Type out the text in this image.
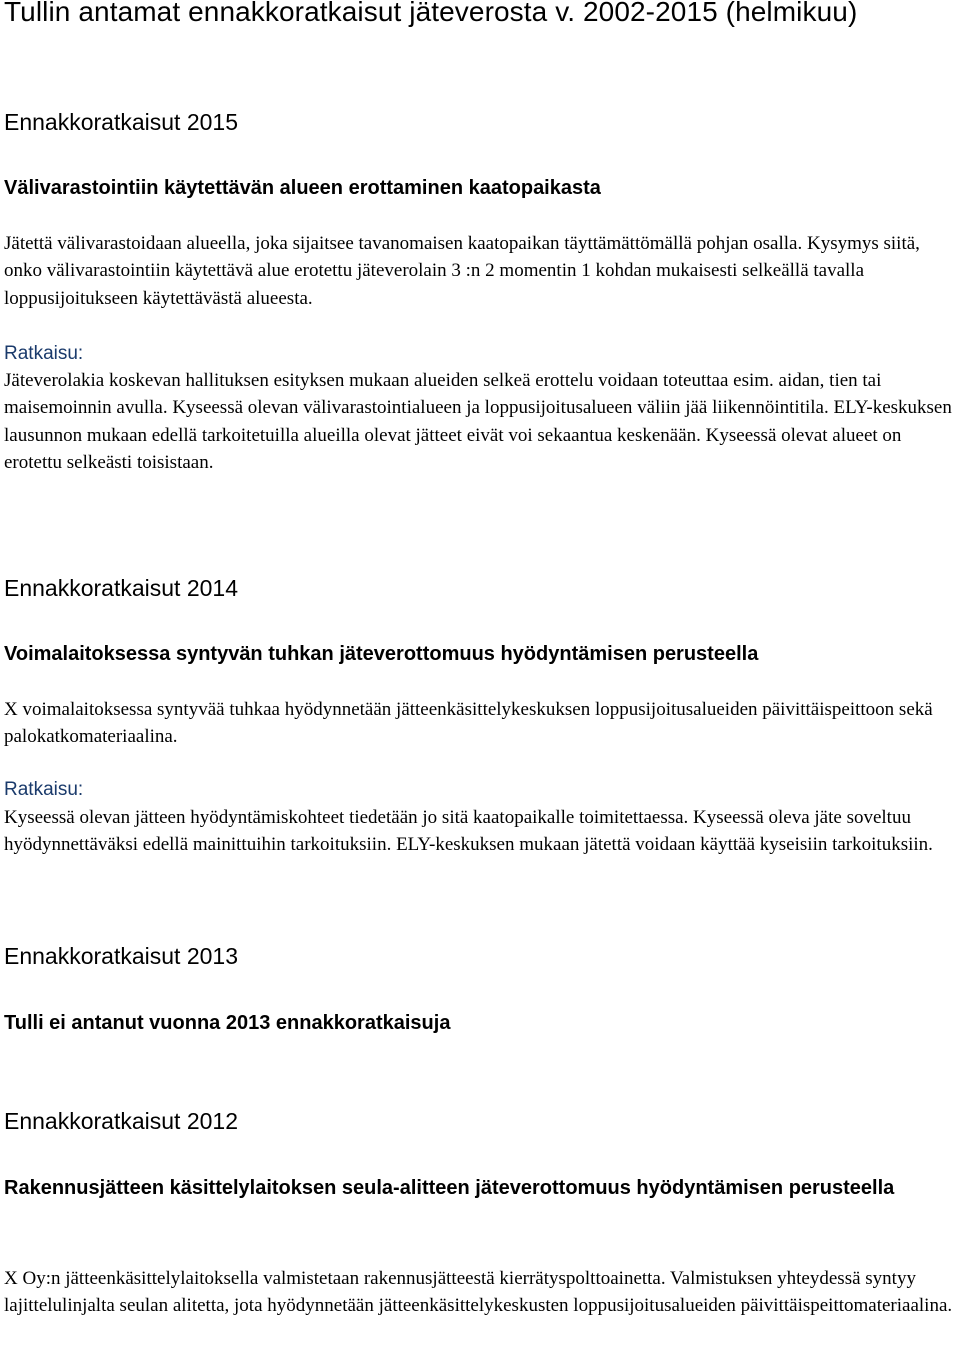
Tullin antamat ennakkoratkaisut jäteverosta v. 2002-2015 (helmikuu)
Ennakkoratkaisut 2015
Välivarastointiin käytettävän alueen erottaminen kaatopaikasta

Jätettä välivarastoidaan alueella, joka sijaitsee tavanomaisen kaatopaikan täyttämättömällä pohjan osalla. Kysymys siitä, onko välivarastointiin käytettävä alue erotettu jäteverolain 3 :n 2 momentin 1 kohdan mukaisesti selkeällä tavalla loppusijoitukseen käytettävästä alueesta.

Ratkaisu:

Jäteverolakia koskevan hallituksen esityksen mukaan alueiden selkeä erottelu voidaan toteuttaa esim. aidan, tien tai maisemoinnin avulla. Kyseessä olevan välivarastointialueen ja loppusijoitusalueen väliin jää liikennöintitila. ELY-keskuksen lausunnon mukaan edellä tarkoitetuilla alueilla olevat jätteet eivät voi sekaantua keskenään. Kyseessä olevat alueet on erotettu selkeästi toisistaan.

Ennakkoratkaisut 2014
Voimalaitoksessa syntyvän tuhkan jäteverottomuus hyödyntämisen perusteella

X voimalaitoksessa syntyvää tuhkaa hyödynnetään jätteenkäsittelykeskuksen loppusijoitusalueiden päivittäispeittoon sekä palokatkomateriaalina.

Ratkaisu:

Kyseessä olevan jätteen hyödyntämiskohteet tiedetään jo sitä kaatopaikalle toimitettaessa. Kyseessä oleva jäte soveltuu hyödynnettäväksi edellä mainittuihin tarkoituksiin. ELY-keskuksen mukaan jätettä voidaan käyttää kyseisiin tarkoituksiin.

Ennakkoratkaisut 2013
Tulli ei antanut vuonna 2013 ennakkoratkaisuja
Ennakkoratkaisut 2012
Rakennusjätteen käsittelylaitoksen seula-alitteen jäteverottomuus hyödyntämisen perusteella

X Oy:n jätteenkäsittelylaitoksella valmistetaan rakennusjätteestä kierrätyspolttoainetta. Valmistuksen yhteydessä syntyy lajittelulinjalta seulan alitetta, jota hyödynnetään jätteenkäsittelykeskusten loppusijoitusalueiden päivittäispeittomateriaalina.
